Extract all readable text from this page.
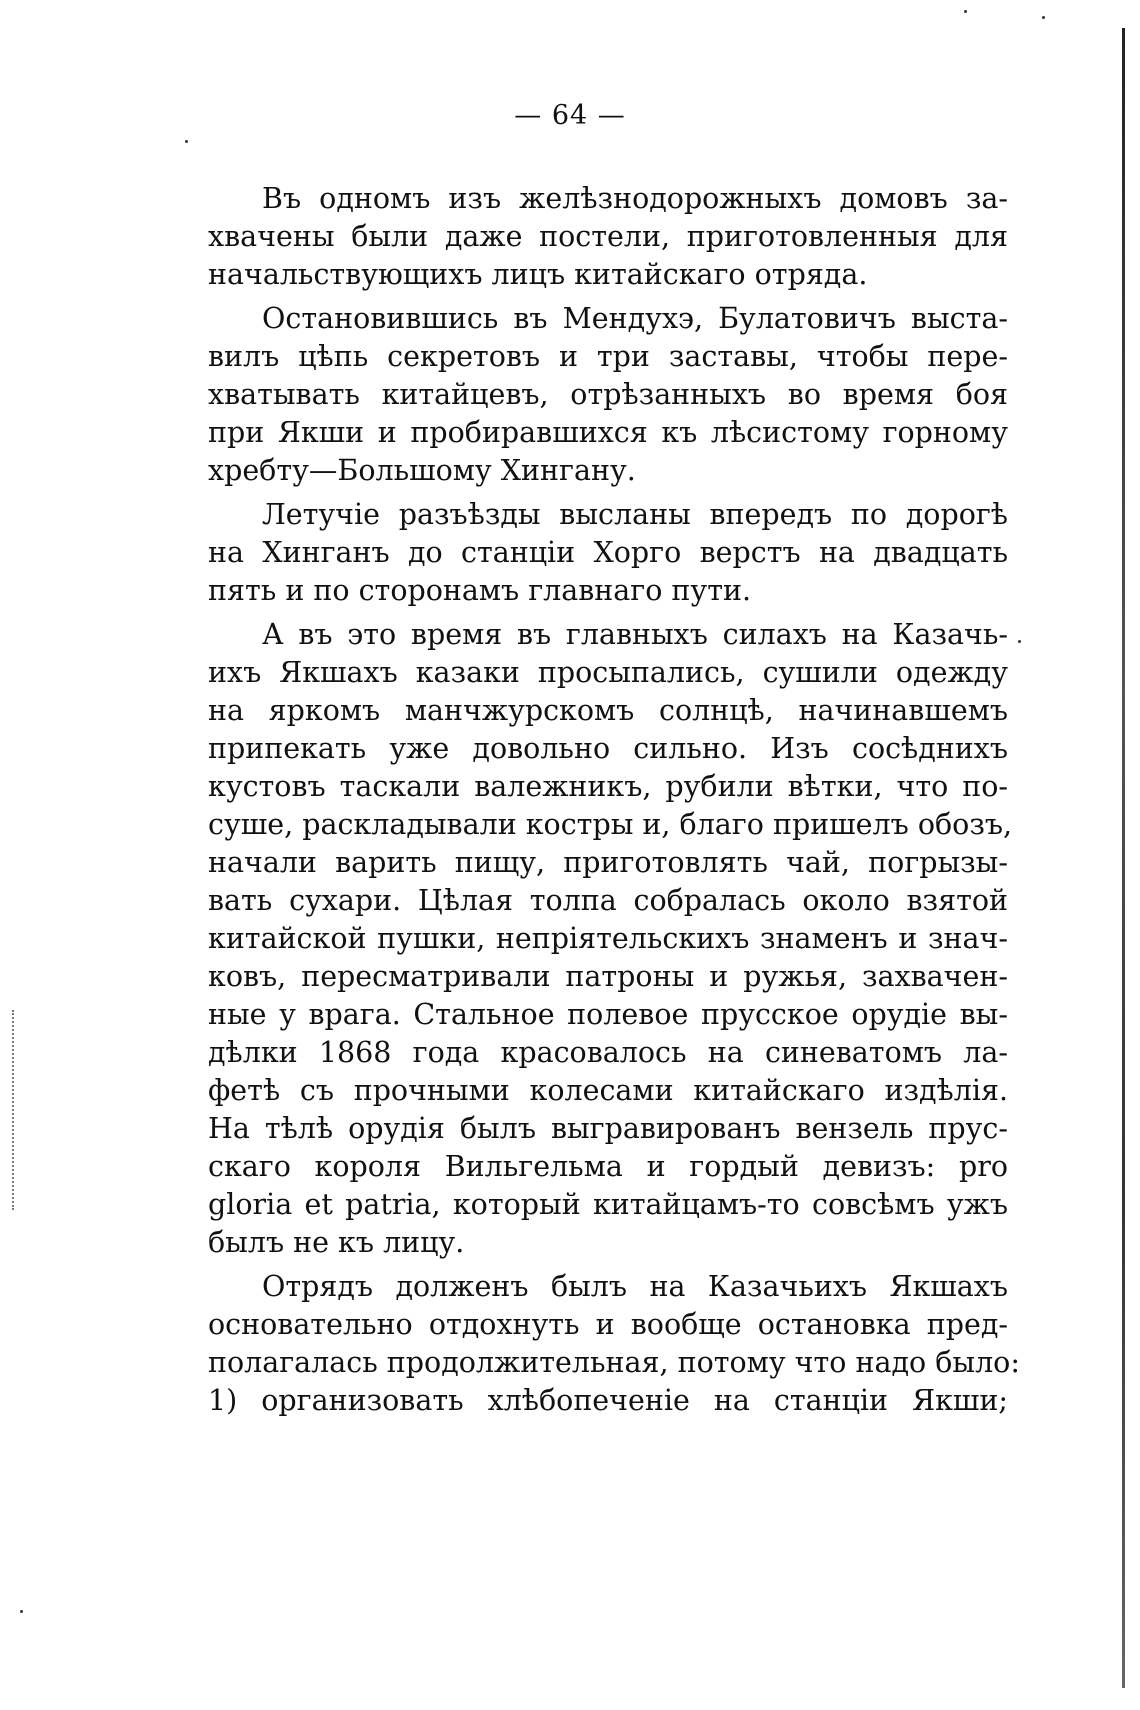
— 64 —
Въ одномъ изъ желѣзнодорожныхъ домовъ за-
хвачены были даже постели, приготовленныя для
начальствующихъ лицъ китайскаго отряда.
Остановившись въ Мендухэ, Булатовичъ выста-
вилъ цѣпь секретовъ и три заставы, чтобы пере-
хватывать китайцевъ, отрѣзанныхъ во время боя
при Якши и пробиравшихся къ лѣсистому горному
хребту—Большому Хингану.
Летучіе разъѣзды высланы впередъ по дорогѣ
на Хинганъ до станціи Хорго верстъ на двадцать
пять и по сторонамъ главнаго пути.
А въ это время въ главныхъ силахъ на Казачь-
ихъ Якшахъ казаки просыпались, сушили одежду
на яркомъ манчжурскомъ солнцѣ, начинавшемъ
припекать уже довольно сильно. Изъ сосѣднихъ
кустовъ таскали валежникъ, рубили вѣтки, что по-
суше, раскладывали костры и, благо пришелъ обозъ,
начали варить пищу, приготовлять чай, погрызы-
вать сухари. Цѣлая толпа собралась около взятой
китайской пушки, непріятельскихъ знаменъ и знач-
ковъ, пересматривали патроны и ружья, захвачен-
ные у врага. Стальное полевое прусское орудіе вы-
дѣлки 1868 года красовалось на синеватомъ ла-
фетѣ съ прочными колесами китайскаго издѣлія.
На тѣлѣ орудія былъ выгравированъ вензель прус-
скаго короля Вильгельма и гордый девизъ: pro
gloria et patria, который китайцамъ-то совсѣмъ ужъ
былъ не къ лицу.
Отрядъ долженъ былъ на Казачьихъ Якшахъ
основательно отдохнуть и вообще остановка пред-
полагалась продолжительная, потому что надо было:
1) организовать хлѣбопеченіе на станціи Якши;
